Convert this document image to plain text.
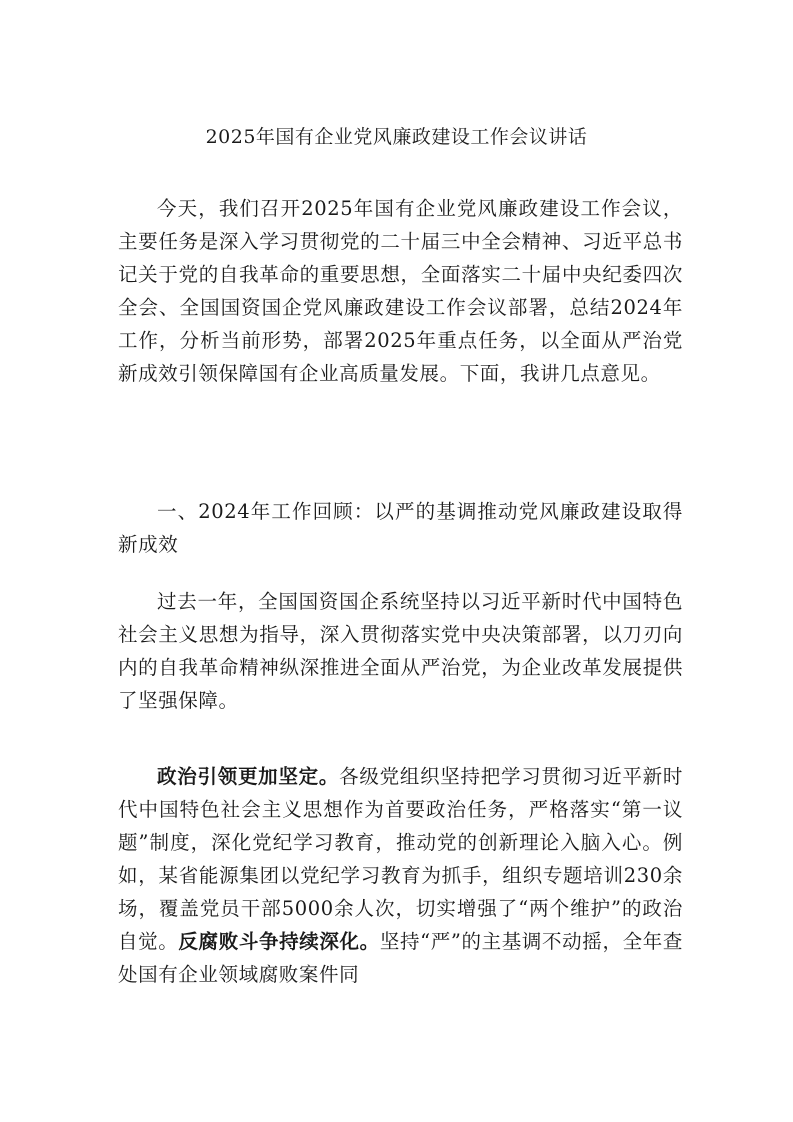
2025年国有企业党风廉政建设工作会议讲话

今天，我们召开2025年国有企业党风廉政建设工作会议，主要任务是深入学习贯彻党的二十届三中全会精神、习近平总书记关于党的自我革命的重要思想，全面落实二十届中央纪委四次全会、全国国资国企党风廉政建设工作会议部署，总结2024年工作，分析当前形势，部署2025年重点任务，以全面从严治党新成效引领保障国有企业高质量发展。下面，我讲几点意见。

一、2024年工作回顾：以严的基调推动党风廉政建设取得新成效

过去一年，全国国资国企系统坚持以习近平新时代中国特色社会主义思想为指导，深入贯彻落实党中央决策部署，以刀刃向内的自我革命精神纵深推进全面从严治党，为企业改革发展提供了坚强保障。

政治引领更加坚定。各级党组织坚持把学习贯彻习近平新时代中国特色社会主义思想作为首要政治任务，严格落实“第一议题”制度，深化党纪学习教育，推动党的创新理论入脑入心。例如，某省能源集团以党纪学习教育为抓手，组织专题培训230余场，覆盖党员干部5000余人次，切实增强了“两个维护”的政治自觉。反腐败斗争持续深化。坚持“严”的主基调不动摇，全年查处国有企业领域腐败案件同
